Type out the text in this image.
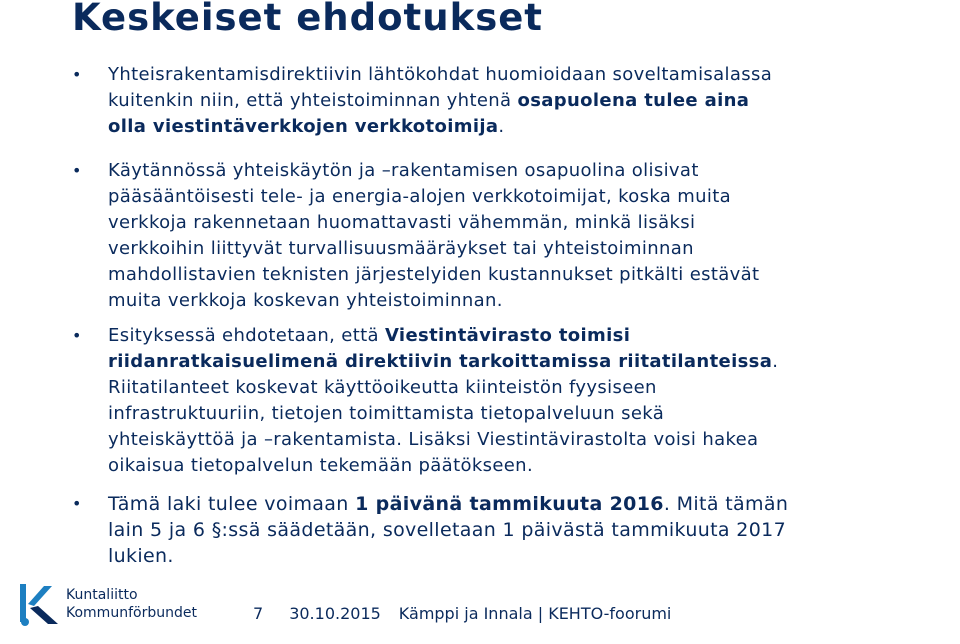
Keskeiset ehdotukset
• Yhteisrakentamisdirektiivin lähtökohdat huomioidaan soveltamisalassa
kuitenkin niin, että yhteistoiminnan yhtenä osapuolena tulee aina
olla viestintäverkkojen verkkotoimija.
• Käytännössä yhteiskäytön ja –rakentamisen osapuolina olisivat
pääsääntöisesti tele- ja energia-alojen verkkotoimijat, koska muita
verkkoja rakennetaan huomattavasti vähemmän, minkä lisäksi
verkkoihin liittyvät turvallisuusmääräykset tai yhteistoiminnan
mahdollistavien teknisten järjestelyiden kustannukset pitkälti estävät
muita verkkoja koskevan yhteistoiminnan.
• Esityksessä ehdotetaan, että Viestintävirasto toimisi
riidanratkaisuelimenä direktiivin tarkoittamissa riitatilanteissa.
Riitatilanteet koskevat käyttöoikeutta kiinteistön fyysiseen
infrastruktuuriin, tietojen toimittamista tietopalveluun sekä
yhteiskäyttöä ja –rakentamista. Lisäksi Viestintävirastolta voisi hakea
oikaisua tietopalvelun tekemään päätökseen.
• Tämä laki tulee voimaan 1 päivänä tammikuuta 2016. Mitä tämän
lain 5 ja 6 §:ssä säädetään, sovelletaan 1 päivästä tammikuuta 2017
lukien.
Kuntaliitto
Kommunförbundet	7 30.10.2015 Kämppi ja Innala | KEHTO-foorumi
